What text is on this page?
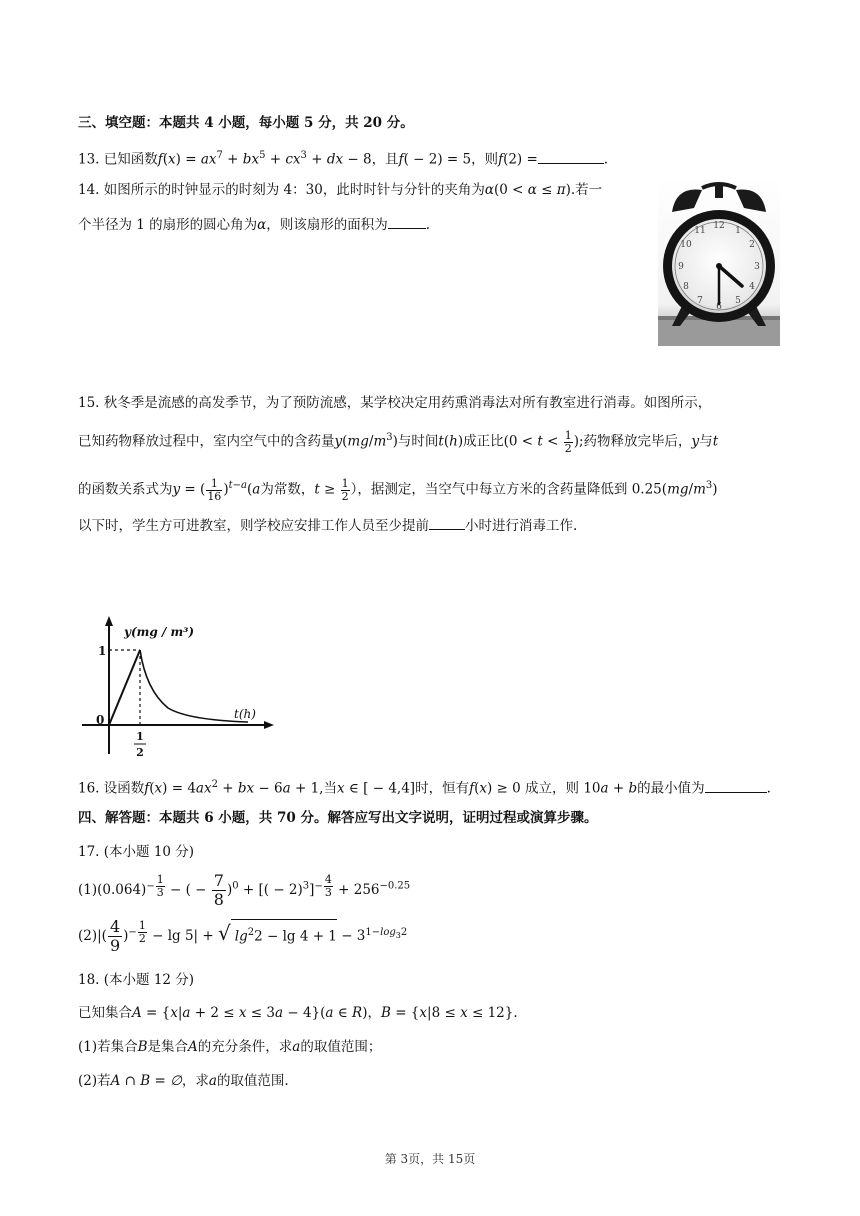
三、填空题：本题共 4 小题，每小题 5 分，共 20 分。
13. 已知函数$f(x) = ax^7 + bx^5 + cx^3$ + dx − 8，且f( − 2) = 5，则f(2) =	.
14. 如图所示的时钟显示的时刻为 4：30，此时时针与分针的夹角为α(0 < α ≤ π).若一
个半径为 1 的扇形的圆心角为α，则该扇形的面积为	.	12 1
2
3
4
5
6
7
8
9
10
11
15. 秋冬季是流感的高发季节，为了预防流感，某学校决定用药熏消毒法对所有教室进行消毒。如图所示，
已知药物释放过程中，室内空气中的含药量$y(mg/m^3)$与时间t(h)成正比($0 < t < \frac{1}{2}$ );药物释放完毕后，y与t
的函数关系式为y = ( $\frac{1}{16} )^{t-a}(a$为常数，$t \ge \frac{1}{2}$ ），据测定，当空气中每立方米的含药量降低到 $0.25(mg/m^3)$
以下时，学生方可进教室，则学校应安排工作人员至少提前	小时进行消毒工作.
y(mg / m³)
t(h)
1
0
1
2
16. 设函数$f(x) = 4ax^2$ + bx − 6a + 1,当x ∈ [ − 4,4]时，恒有f(x) ≥ 0 成立，则 10a + b的最小值为	.
四、解答题：本题共 6 小题，共 70 分。解答应写出文字说明，证明过程或演算步骤。
17. (本小题 10 分)
$(1)(0.064)^{- \frac{1}{3}}$ − ( − $\frac{7}{8} )^0$ + [( − $2)^3]^{- \frac{4}{3}} + 256^{-0.25}$
$(2)|( \frac{4}{9} )^{- \frac{1}{2}} - \lg 5|$ + √ $\lg^22 - \lg 4 + 1 - 3^{1-log_32}$
18. (本小题 12 分)
已知集合A = {x|a + 2 ≤ x ≤ 3a − 4}(a ∈ R)，B = {x|8 ≤ x ≤ 12}.
(1)若集合B是集合A的充分条件，求a的取值范围；
(2)若A ∩ B = ∅，求a的取值范围.
第 3页，共 15页
